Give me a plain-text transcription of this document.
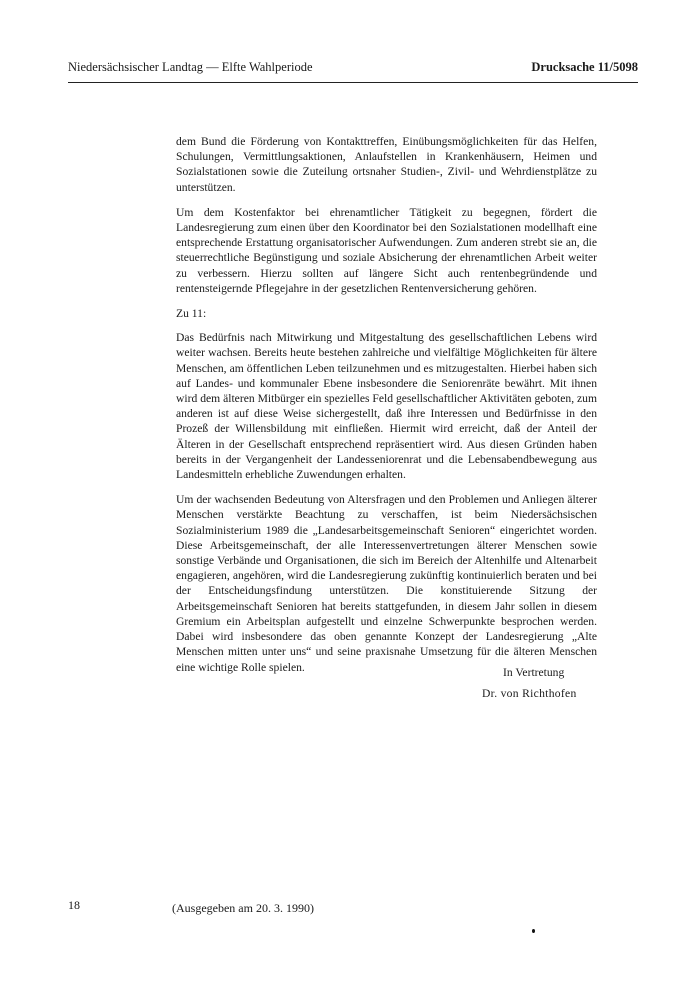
Niedersächsischer Landtag — Elfte Wahlperiode	Drucksache 11/5098

dem Bund die Förderung von Kontakttreffen, Einübungsmöglichkeiten für das Helfen, Schulungen, Vermittlungsaktionen, Anlaufstellen in Krankenhäusern, Heimen und Sozialstationen sowie die Zuteilung ortsnaher Studien-, Zivil- und Wehrdienstplätze zu unterstützen.

Um dem Kostenfaktor bei ehrenamtlicher Tätigkeit zu begegnen, fördert die Landesregierung zum einen über den Koordinator bei den Sozialstationen modellhaft eine entsprechende Erstattung organisatorischer Aufwendungen. Zum anderen strebt sie an, die steuerrechtliche Begünstigung und soziale Absicherung der ehrenamtlichen Arbeit weiter zu verbessern. Hierzu sollten auf längere Sicht auch rentenbegründende und rentensteigernde Pflegejahre in der gesetzlichen Rentenversicherung gehören.

Zu 11:

Das Bedürfnis nach Mitwirkung und Mitgestaltung des gesellschaftlichen Lebens wird weiter wachsen. Bereits heute bestehen zahlreiche und vielfältige Möglichkeiten für ältere Menschen, am öffentlichen Leben teilzunehmen und es mitzugestalten. Hierbei haben sich auf Landes- und kommunaler Ebene insbesondere die Seniorenräte bewährt. Mit ihnen wird dem älteren Mitbürger ein spezielles Feld gesellschaftlicher Aktivitäten geboten, zum anderen ist auf diese Weise sichergestellt, daß ihre Interessen und Bedürfnisse in den Prozeß der Willensbildung mit einfließen. Hiermit wird erreicht, daß der Anteil der Älteren in der Gesellschaft entsprechend repräsentiert wird. Aus diesen Gründen haben bereits in der Vergangenheit der Landesseniorenrat und die Lebensabendbewegung aus Landesmitteln erhebliche Zuwendungen erhalten.

Um der wachsenden Bedeutung von Altersfragen und den Problemen und Anliegen älterer Menschen verstärkte Beachtung zu verschaffen, ist beim Niedersächsischen Sozialministerium 1989 die „Landesarbeitsgemeinschaft Senioren“ eingerichtet worden. Diese Arbeitsgemeinschaft, der alle Interessenvertretungen älterer Menschen sowie sonstige Verbände und Organisationen, die sich im Bereich der Altenhilfe und Altenarbeit engagieren, angehören, wird die Landesregierung zukünftig kontinuierlich beraten und bei der Entscheidungsfindung unterstützen. Die konstituierende Sitzung der Arbeitsgemeinschaft Senioren hat bereits stattgefunden, in diesem Jahr sollen in diesem Gremium ein Arbeitsplan aufgestellt und einzelne Schwerpunkte besprochen werden. Dabei wird insbesondere das oben genannte Konzept der Landesregierung „Alte Menschen mitten unter uns“ und seine praxisnahe Umsetzung für die älteren Menschen eine wichtige Rolle spielen.	In Vertretung
Dr. von Richthofen
18	(Ausgegeben am 20. 3. 1990)
